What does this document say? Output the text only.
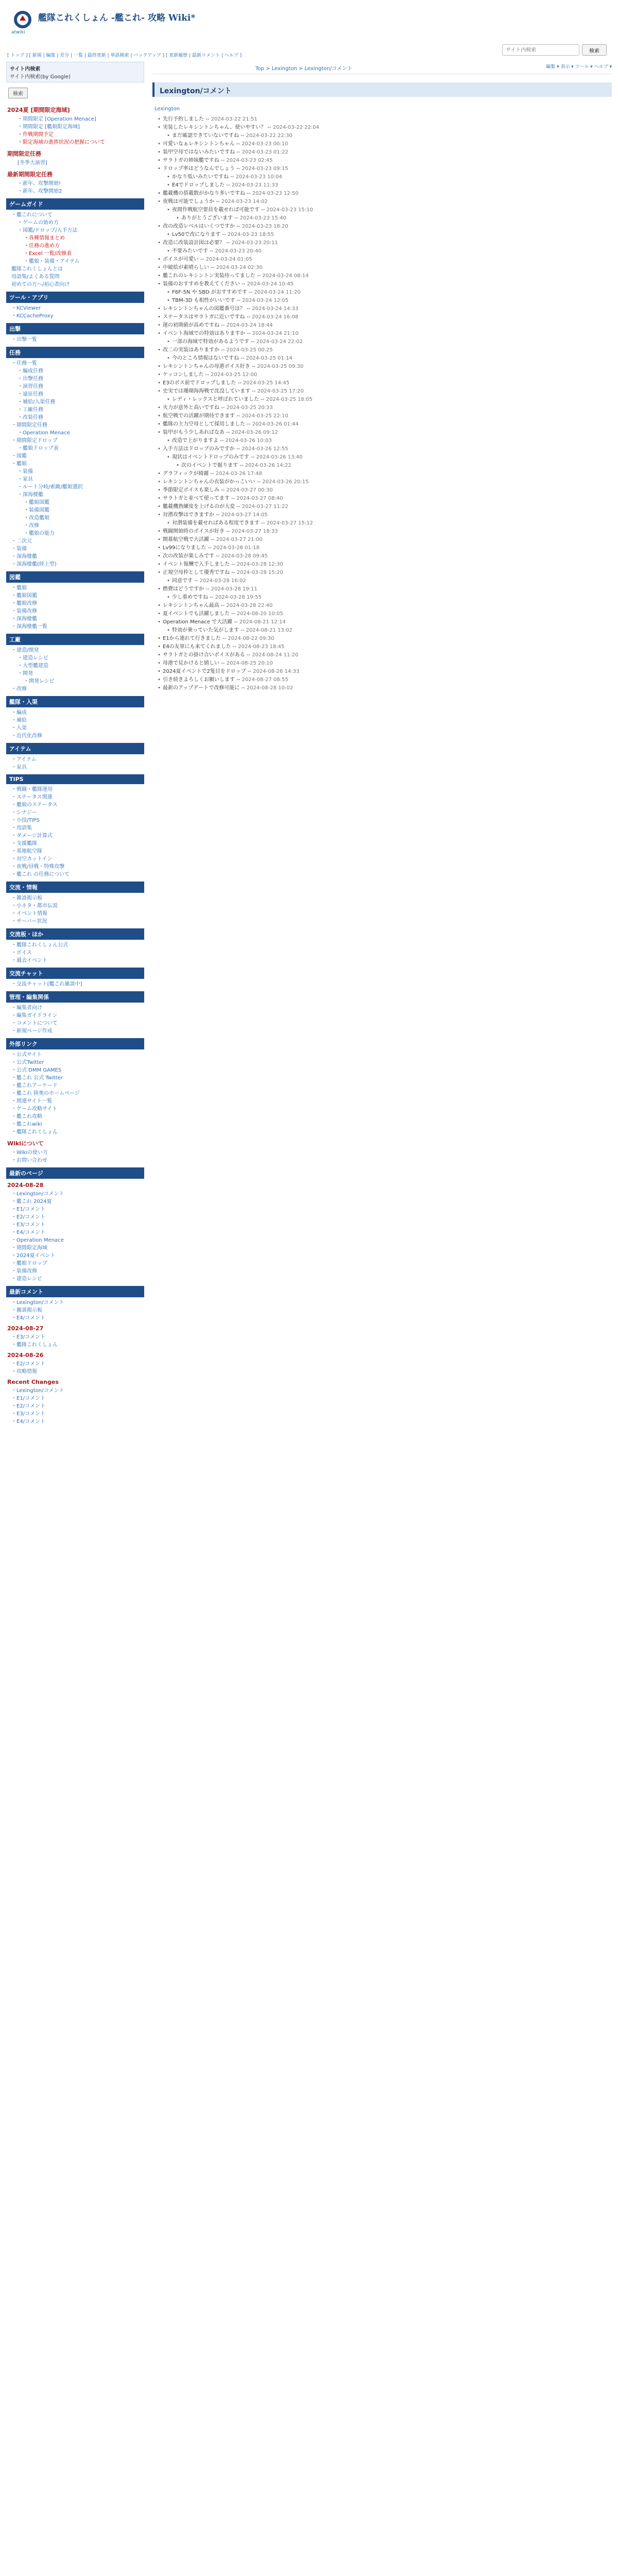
atwiki
艦隊これくしょん -艦これ- 攻略 Wiki*
[ トップ ] [ 新規 | 編集 | 差分 | 一覧 | 最終更新 | 単語検索 | バックアップ ] [ 更新履歴 | 最新コメント | ヘルプ ]
サイト内検索
検索
サイト内検索
サイト内検索(by Google)
検索
2024夏 [期間限定海域]
・期間限定 [Operation Menace]
・期間限定 [艦娘限定海域]
・作戦期間予定
・限定海域の進捗状況の把握について
期間限定任務
[冬季大演習]
最新期間限定任務
・新年、攻撃開始!
・新年、攻撃開始2
ゲームガイド
・艦これについて
・ゲームの始め方
・図鑑/ドロップ/入手方法
・各種情報まとめ
・任務の進め方
・Excel 一覧/改修表
・艦娘・装備・アイテム
艦隊これくしょんとは
用語集/よくある質問
初めての方へ/初心者向け
ツール・アプリ
・KCViewer
・KCCacheProxy
出撃
・出撃一覧
任務
・任務一覧
・編成任務
・出撃任務
・演習任務
・遠征任務
・補給/入渠任務
・工廠任務
・改装任務
・期間限定任務
・Operation Menace
・期間限定ドロップ
・艦娘ドロップ表
・図鑑
・艦娘
・装備
・家具
・ルート分岐/索敵/艦娘選択
・深海棲艦
・艦娘図鑑
・装備図鑑
・改造艦娘
・改修
・艦娘の能力
・二次元
・装備
・深海棲艦
・深海棲艦(陸上型)
図鑑
・艦娘
・艦娘図鑑
・艦娘改修
・装備改修
・深海棲艦
・深海棲艦一覧
工廠
・建造/開発
・建造レシピ
・大型艦建造
・開発
・開発レシピ
・改修
艦隊・入渠
・編成
・補給
・入渠
・近代化改修
アイテム
・アイテム
・家具
TIPS
・戦闘・艦隊運用
・ステータス関連
・艦娘のステータス
・シナジー
・小技/TIPS
・用語集
・ダメージ計算式
・支援艦隊
・基地航空隊
・対空カットイン
・夜戦/昼戦・特殊攻撃
・艦これ の任務について
交流・情報
・雑談掲示板
・小ネタ・都市伝説
・イベント情報
・サーバー状況
交流板・ほか
・艦隊これくしょん公式
・ボイス
・過去イベント
交流チャット
・交流チャット[艦これ雑談中]
管理・編集関係
・編集者向け
・編集ガイドライン
・コメントについて
・新規ページ作成
外部リンク
・公式サイト
・公式Twitter
・公式 DMM GAMES
・艦これ 公式 Twitter
・艦これアーケード
・艦これ 陸奥のホームページ
・関連サイト一覧
・ゲーム攻略サイト
・艦これ攻略
・艦これwiki
・艦隊これくしょん
Wikiについて
・Wikiの使い方
・お問い合わせ
最新のページ
2024-08-28
・Lexington/コメント
・艦これ 2024夏
・E1/コメント
・E2/コメント
・E3/コメント
・E4/コメント
・Operation Menace
・期間限定海域
・2024夏イベント
・艦娘ドロップ
・装備改修
・建造レシピ
最新コメント
・Lexington/コメント
・雑談掲示板
・E4/コメント
2024-08-27
・E3/コメント
・艦隊これくしょん
2024-08-26
・E2/コメント
・攻略情報
Recent Changes
・Lexington/コメント
・E1/コメント
・E2/コメント
・E3/コメント
・E4/コメント
Top > Lexington > Lexington/コメント	編集 ▾ 表示 ▾ ツール ▾ ヘルプ ▾
Lexington/コメント
Lexington
• 先行予約しました -- 2024-03-22 21:51
• 実装したレキシントンちゃん、使いやすい？ -- 2024-03-22 22:04
• まだ確認できていないですね -- 2024-03-22 22:30
• 可愛いなぁレキシントンちゃん -- 2024-03-23 00:10
• 装甲空母ではないみたいですね -- 2024-03-23 01:22
• サラトガの姉妹艦ですね -- 2024-03-23 02:45
• ドロップ率はどうなんでしょう -- 2024-03-23 09:15
• かなり低いみたいですね -- 2024-03-23 10:04
• E4でドロップしました -- 2024-03-23 11:33
• 艦載機の搭載数がかなり多いですね -- 2024-03-23 12:50
• 夜戦は可能でしょうか -- 2024-03-23 14:02
• 夜間作戦航空要員を載せれば可能です -- 2024-03-23 15:10
• ありがとうございます -- 2024-03-23 15:40
• 改の改造レベルはいくつですか -- 2024-03-23 18:20
• Lv50で改になります -- 2024-03-23 18:55
• 改造に改装設計図は必要？ -- 2024-03-23 20:11
• 不要みたいです -- 2024-03-23 20:40
• ボイスが可愛い -- 2024-03-24 01:05
• 中破絵が素晴らしい -- 2024-03-24 02:30
• 艦これのレキシントン実装待ってました -- 2024-03-24 08:14
• 装備のおすすめを教えてください -- 2024-03-24 10:45
• F6F-5N や SBD がおすすめです -- 2024-03-24 11:20
• TBM-3D も相性がいいです -- 2024-03-24 12:05
• レキシントンちゃんの図鑑番号は？ -- 2024-03-24 14:33
• ステータスはサラトガに近いですね -- 2024-03-24 16:08
• 運の初期値が高めですね -- 2024-03-24 18:44
• イベント海域での特効はありますか -- 2024-03-24 21:10
• 一部の海域で特効があるようです -- 2024-03-24 22:02
• 改二の実装はありますか -- 2024-03-25 00:25
• 今のところ情報はないですね -- 2024-03-25 01:14
• レキシントンちゃんの母港ボイス好き -- 2024-03-25 09:30
• ケッコンしました -- 2024-03-25 12:00
• E3のボス前でドロップしました -- 2024-03-25 14:45
• 史実では珊瑚海海戦で沈没しています -- 2024-03-25 17:20
• レディ・レックスと呼ばれていました -- 2024-03-25 18:05
• 火力が意外と高いですね -- 2024-03-25 20:33
• 航空戦での活躍が期待できます -- 2024-03-25 22:10
• 艦隊の主力空母として採用しました -- 2024-03-26 01:44
• 装甲がもう少しあればなあ -- 2024-03-26 09:12
• 改造で上がりますよ -- 2024-03-26 10:03
• 入手方法はドロップのみですか -- 2024-03-26 12:55
• 現状はイベントドロップのみです -- 2024-03-26 13:40
• 次のイベントで掘ります -- 2024-03-26 14:22
• グラフィックが綺麗 -- 2024-03-26 17:48
• レキシントンちゃんの衣装がかっこいい -- 2024-03-26 20:15
• 季節限定ボイスも楽しみ -- 2024-03-27 00:30
• サラトガと並べて使ってます -- 2024-03-27 08:40
• 艦載機熟練度を上げるのが大変 -- 2024-03-27 11:22
• 対潜攻撃はできますか -- 2024-03-27 14:05
• 対潜装備を載せればある程度できます -- 2024-03-27 15:12
• 戦闘開始時のボイスが好き -- 2024-03-27 18:33
• 開幕航空戦で大活躍 -- 2024-03-27 21:00
• Lv99になりました -- 2024-03-28 01:18
• 次の改装が楽しみです -- 2024-03-28 09:45
• イベント報酬で入手しました -- 2024-03-28 12:30
• 正規空母枠として優秀ですね -- 2024-03-28 15:20
• 同意です -- 2024-03-28 16:02
• 燃費はどうですか -- 2024-03-28 19:11
• 少し重めですね -- 2024-03-28 19:55
• レキシントンちゃん最高 -- 2024-03-28 22:40
• 夏イベントでも活躍しました -- 2024-08-20 10:05
• Operation Menace で大活躍 -- 2024-08-21 12:14
• 特効が乗っていた気がします -- 2024-08-21 13:02
• E1から連れて行きました -- 2024-08-22 09:30
• E4の友軍にも来てくれました -- 2024-08-23 18:45
• サラトガとの掛け合いボイスがある -- 2024-08-24 11:20
• 母港で見かけると嬉しい -- 2024-08-25 20:10
• 2024夏イベントで2隻目をドロップ -- 2024-08-26 14:33
• 引き続きよろしくお願いします -- 2024-08-27 08:55
• 最新のアップデートで改修可能に -- 2024-08-28 10:02
